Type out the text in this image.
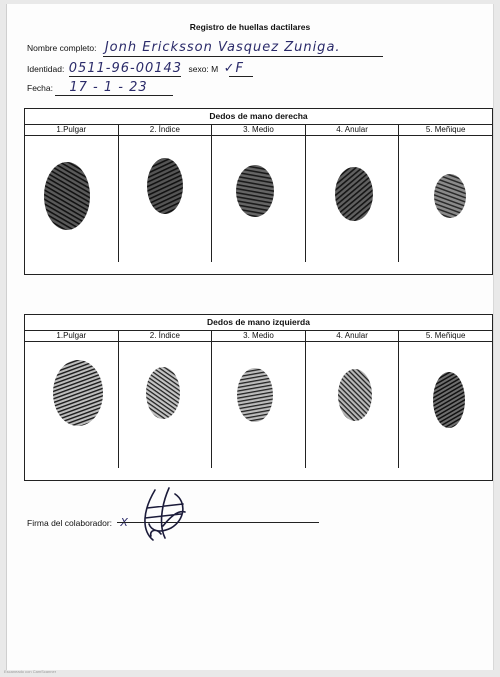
Registro de huellas dactilares
Nombre completo: Jonh Ericksson Vasquez Zuniga.
Identidad: 0511-96-00143 sexo: M ✓F
Fecha: 17 - 1 - 23
Dedos de mano derecha
1.Pulgar	2. Índice	3. Medio	4. Anular	5. Meñique
Dedos de mano izquierda
1.Pulgar	2. Índice	3. Medio	4. Anular	5. Meñique
Firma del colaborador: X
Escaneado con CamScanner
